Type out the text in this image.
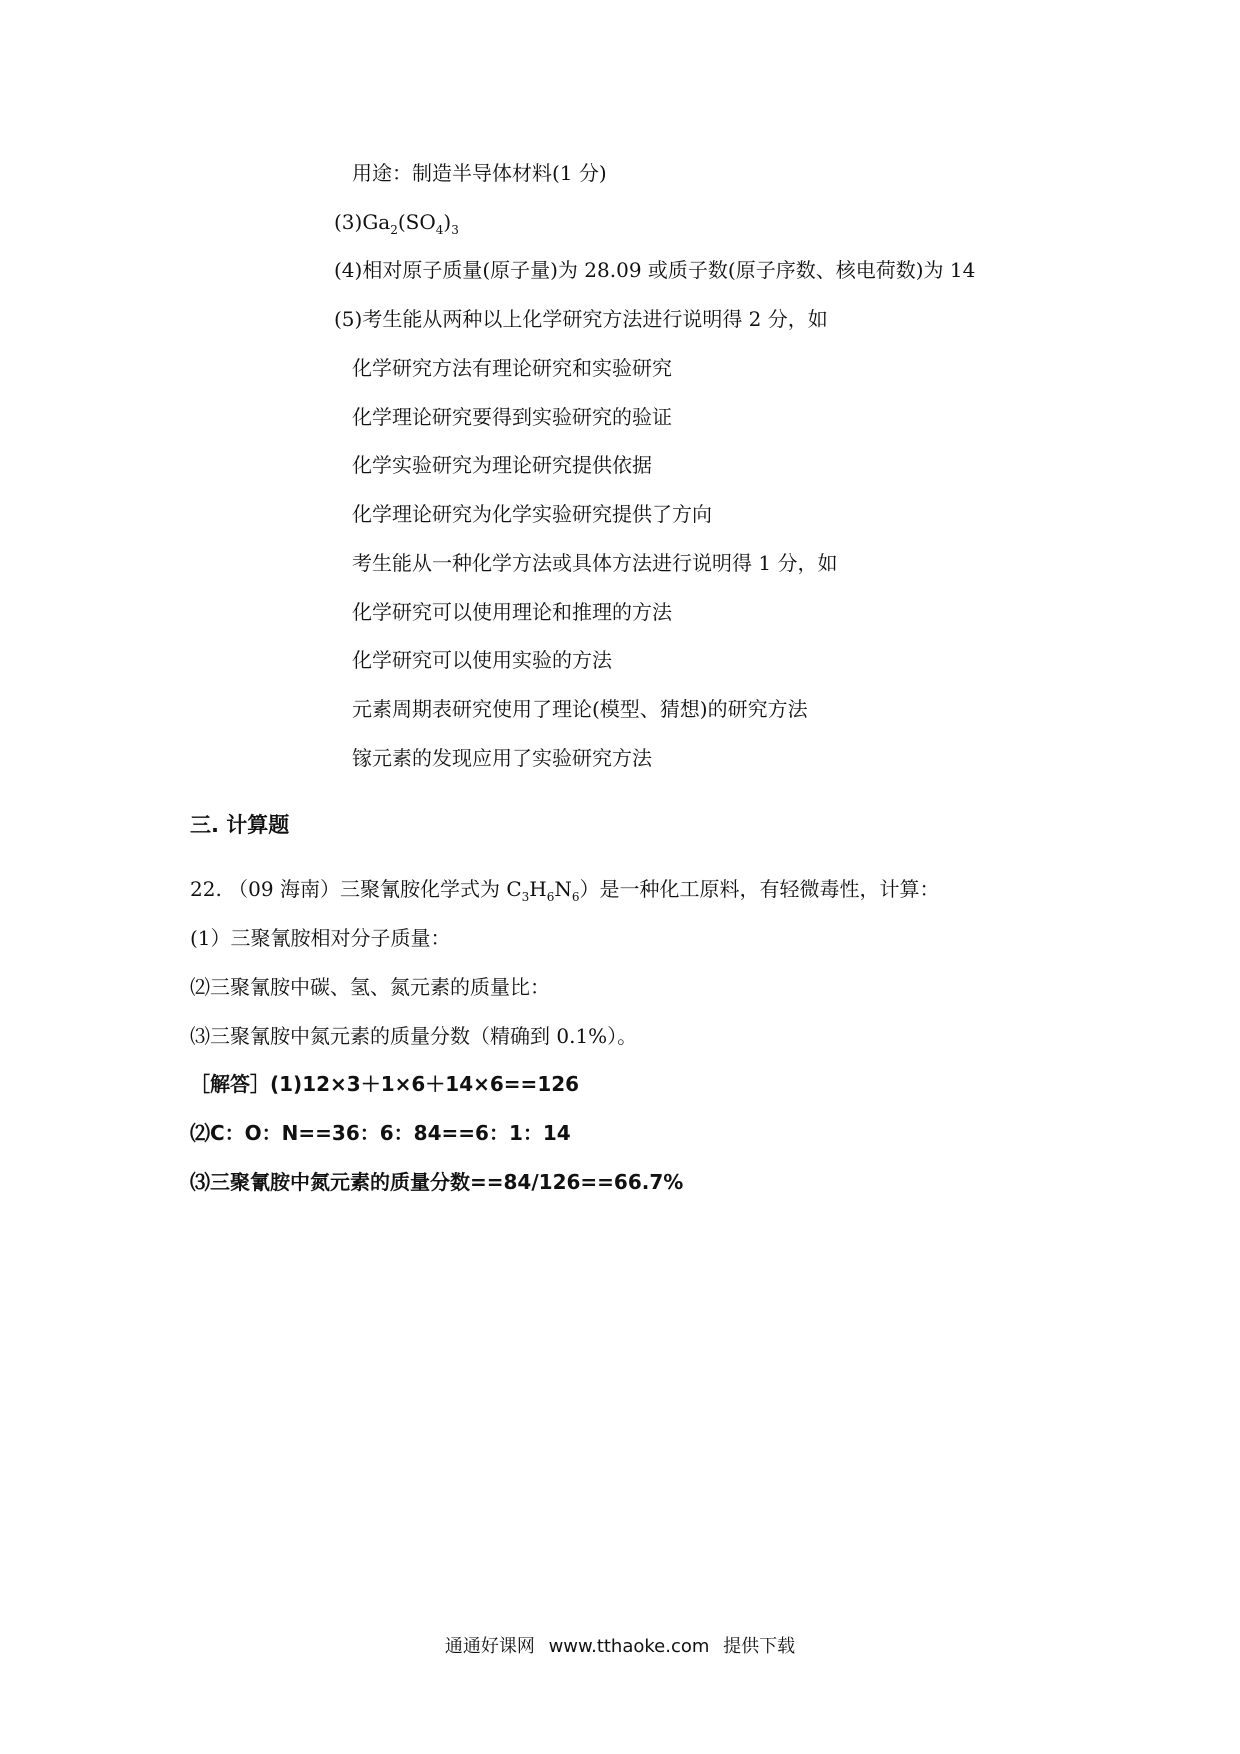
用途：制造半导体材料(1 分)
$(3)Ga_2(SO_4)_3$
(4)相对原子质量(原子量)为 28.09 或质子数(原子序数、核电荷数)为 14
(5)考生能从两种以上化学研究方法进行说明得 2 分，如
化学研究方法有理论研究和实验研究
化学理论研究要得到实验研究的验证
化学实验研究为理论研究提供依据
化学理论研究为化学实验研究提供了方向
考生能从一种化学方法或具体方法进行说明得 1 分，如
化学研究可以使用理论和推理的方法
化学研究可以使用实验的方法
元素周期表研究使用了理论(模型、猜想)的研究方法
镓元素的发现应用了实验研究方法
三. 计算题
22. （09 海南）三聚氰胺化学式为 $C_3H_6N_6$）是一种化工原料，有轻微毒性，计算：
(1）三聚氰胺相对分子质量：
⑵三聚氰胺中碳、氢、氮元素的质量比：
⑶三聚氰胺中氮元素的质量分数（精确到 0.1%）。
［解答］(1)12×3＋1×6＋14×6==126
⑵C：O：N==36：6：84==6：1：14
⑶三聚氰胺中氮元素的质量分数==84/126==66.7%
通通好课网 www.tthaoke.com 提供下载
